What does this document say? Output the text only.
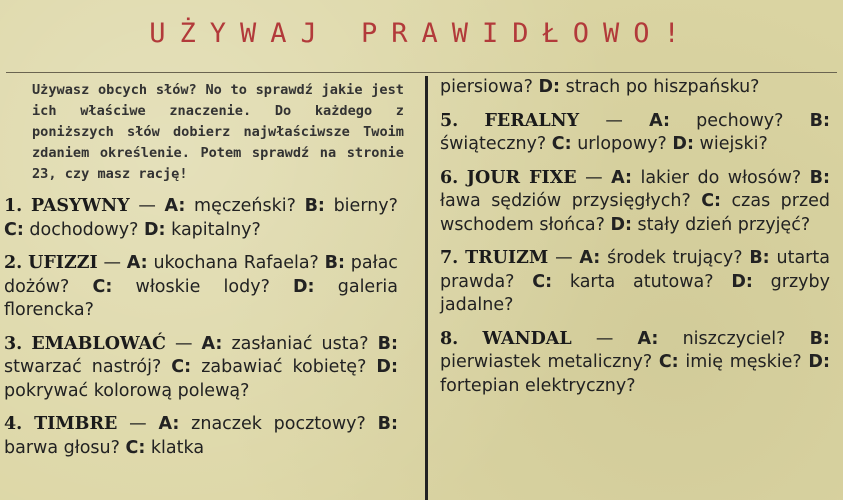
UŻYWAJ PRAWIDŁOWO!

Używasz obcych słów? No to sprawdź jakie jest ich właściwe znaczenie. Do każdego z poniższych słów dobierz najwłaściwsze Twoim zdaniem określenie. Potem sprawdź na stronie 23, czy masz rację!

1. PASYWNY — A: męczeński? B: bierny? C: dochodowy? D: kapitalny?

2. UFIZZI — A: ukochana Rafaela? B: pałac dożów? C: włoskie lody? D: galeria florencka?

3. EMABLOWAĆ — A: zasłaniać usta? B: stwarzać nastrój? C: zabawiać kobietę? D: pokrywać kolorową polewą?

4. TIMBRE — A: znaczek pocztowy? B: barwa głosu? C: klatka

piersiowa? D: strach po hiszpańsku?

5. FERALNY — A: pechowy? B: świąteczny? C: urlopowy? D: wiejski?

6. JOUR FIXE — A: lakier do włosów? B: ława sędziów przysięgłych? C: czas przed wschodem słońca? D: stały dzień przyjęć?

7. TRUIZM — A: środek trujący? B: utarta prawda? C: karta atutowa? D: grzyby jadalne?

8. WANDAL — A: niszczyciel? B: pierwiastek metaliczny? C: imię męskie? D: fortepian elektryczny?
